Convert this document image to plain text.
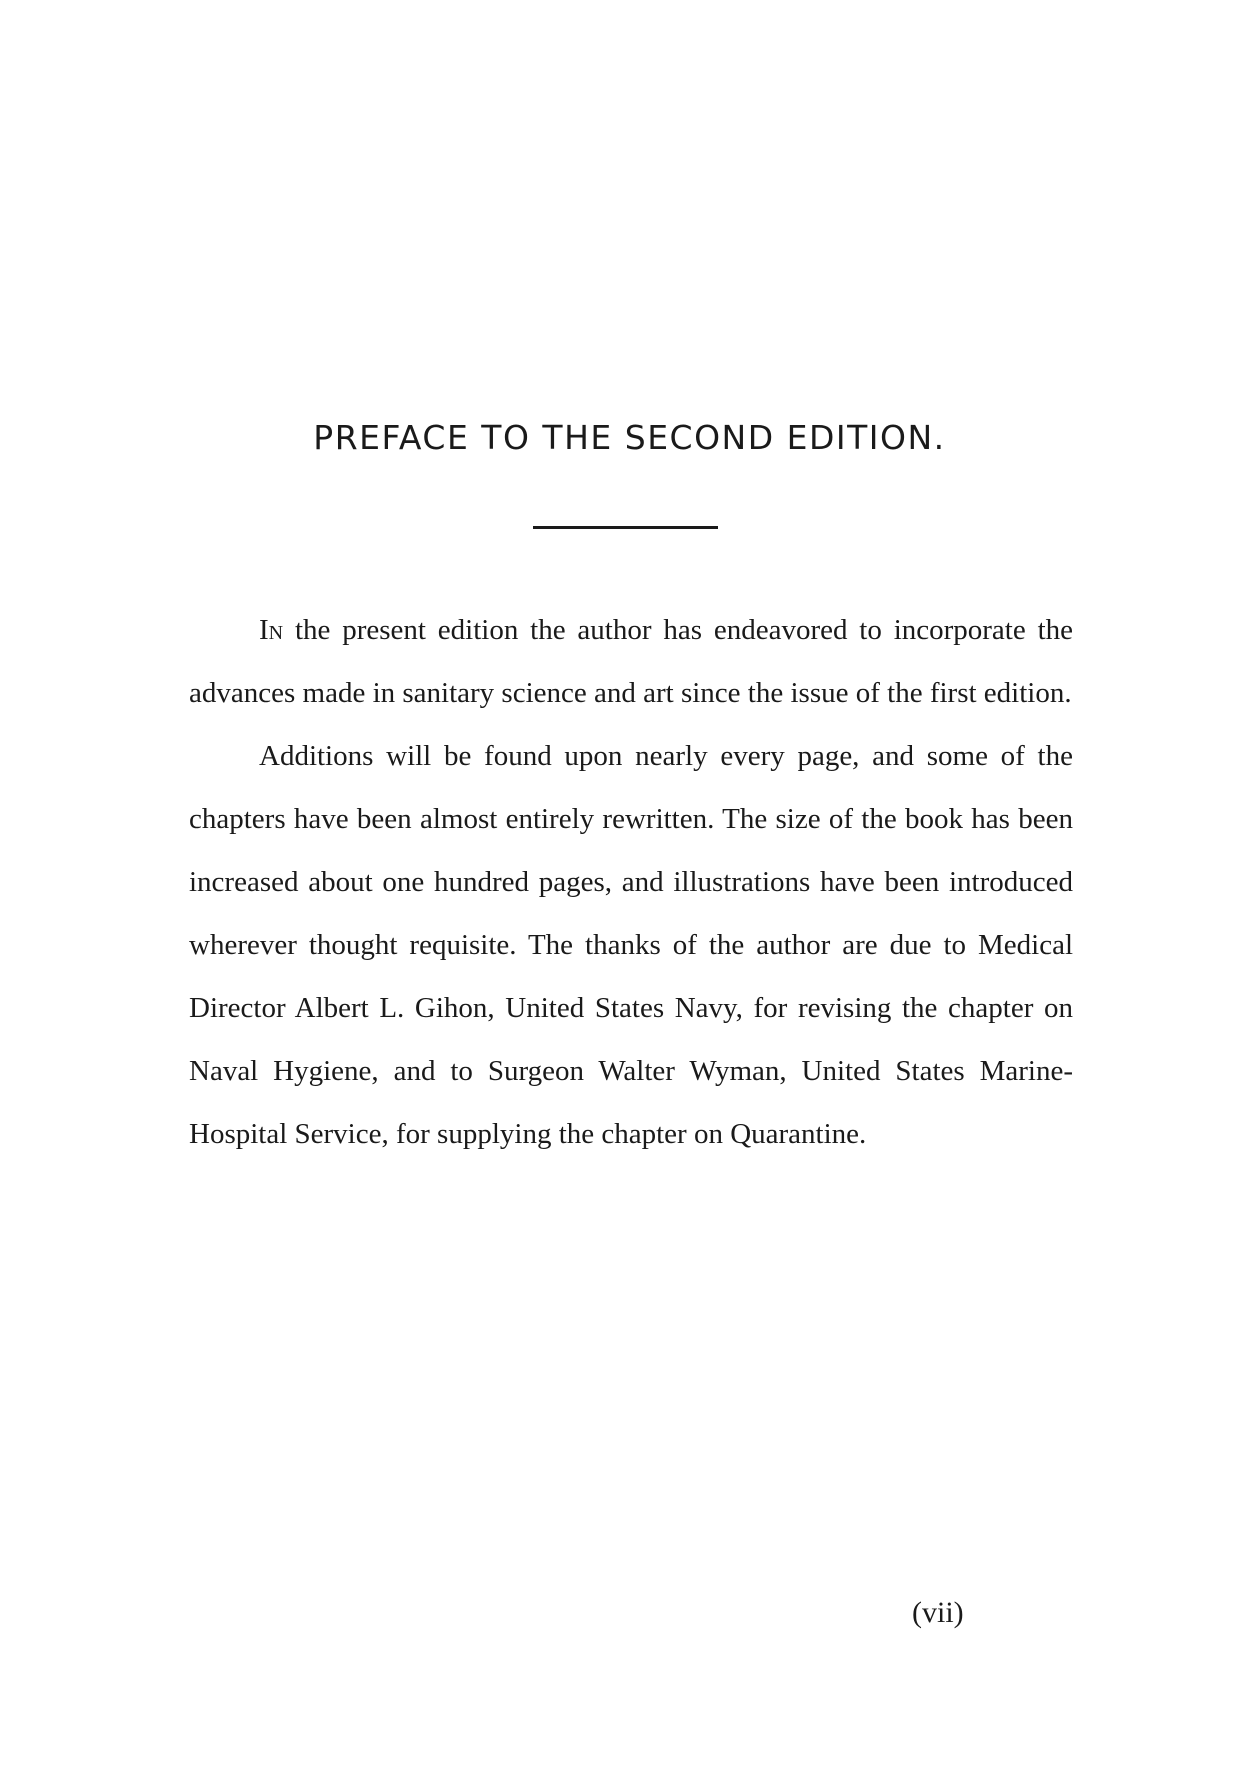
PREFACE TO THE SECOND EDITION.

In the present edition the author has endeavored to incorporate the advances made in sanitary science and art since the issue of the first edition.

Additions will be found upon nearly every page, and some of the chapters have been almost entirely rewritten. The size of the book has been increased about one hundred pages, and illustrations have been introduced wherever thought requisite. The thanks of the author are due to Medical Director Albert L. Gihon, United States Navy, for revising the chapter on Naval Hygiene, and to Surgeon Walter Wyman, United States Marine-Hospital Service, for supplying the chapter on Quarantine.

(vii)
